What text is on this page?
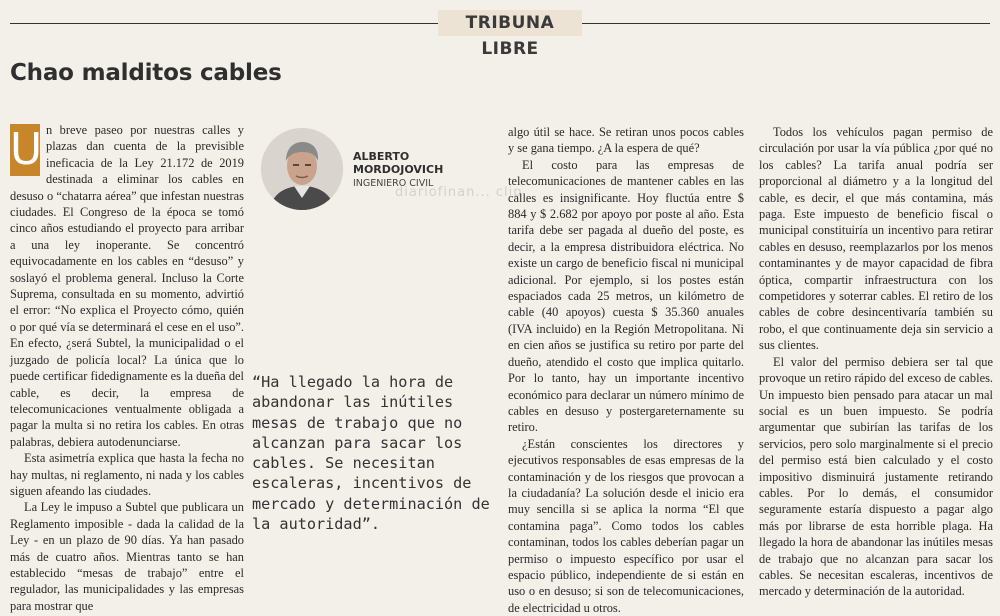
TRIBUNA LIBRE
Chao malditos cables
U n breve paseo por nuestras calles y plazas dan cuenta de la previsible ineficacia de la Ley 21.172 de 2019 destinada a eliminar los cables en desuso o “chatarra aérea” que infestan nuestras ciudades. El Congreso de la época se tomó cinco años estudiando el proyecto para arribar a una ley inoperante. Se concentró equivocadamente en los cables en “desuso” y soslayó el problema general. Incluso la Corte Suprema, consultada en su momento, advirtió el error: “No explica el Proyecto cómo, quién o por qué vía se determinará el cese en el uso”. En efecto, ¿será Subtel, la municipalidad o el juzgado de policía local? La única que lo puede certificar fidedignamente es la dueña del cable, es decir, la empresa de telecomunicaciones ventualmente obligada a pagar la multa si no retira los cables. En otras palabras, debiera autodenunciarse.

Esta asimetría explica que hasta la fecha no hay multas, ni reglamento, ni nada y los cables siguen afeando las ciudades.

La Ley le impuso a Subtel que publicara un Reglamento imposible - dada la calidad de la Ley - en un plazo de 90 días. Ya han pasado más de cuatro años. Mientras tanto se han establecido “mesas de trabajo” entre el regulador, las municipalidades y las empresas para mostrar que

ALBERTO MORDOJOVICH
INGENIERO CIVIL
diariofinan... clip
“Ha llegado la hora de abandonar las inútiles mesas de trabajo que no alcanzan para sacar los cables. Se necesitan escaleras, incentivos de mercado y determinación de la autoridad”.

algo útil se hace. Se retiran unos pocos cables y se gana tiempo. ¿A la espera de qué?

El costo para las empresas de telecomunicaciones de mantener cables en las calles es insignificante. Hoy fluctúa entre $ 884 y $ 2.682 por apoyo por poste al año. Esta tarifa debe ser pagada al dueño del poste, es decir, a la empresa distribuidora eléctrica. No existe un cargo de beneficio fiscal ni municipal adicional. Por ejemplo, si los postes están espaciados cada 25 metros, un kilómetro de cable (40 apoyos) cuesta $ 35.360 anuales (IVA incluido) en la Región Metropolitana. Ni en cien años se justifica su retiro por parte del dueño, atendido el costo que implica quitarlo. Por lo tanto, hay un importante incentivo económico para declarar un número mínimo de cables en desuso y postergareternamente su retiro.

¿Están conscientes los directores y ejecutivos responsables de esas empresas de la contaminación y de los riesgos que provocan a la ciudadanía? La solución desde el inicio era muy sencilla si se aplica la norma “El que contamina paga”. Como todos los cables contaminan, todos los cables deberían pagar un permiso o impuesto específico por usar el espacio público, independiente de si están en uso o en desuso; si son de telecomunicaciones, de electricidad u otros.

Todos los vehículos pagan permiso de circulación por usar la vía pública ¿por qué no los cables? La tarifa anual podría ser proporcional al diámetro y a la longitud del cable, es decir, el que más contamina, más paga. Este impuesto de beneficio fiscal o municipal constituiría un incentivo para retirar cables en desuso, reemplazarlos por los menos contaminantes y de mayor capacidad de fibra óptica, compartir infraestructura con los competidores y soterrar cables. El retiro de los cables de cobre desincentivaría también su robo, el que continuamente deja sin servicio a sus clientes.

El valor del permiso debiera ser tal que provoque un retiro rápido del exceso de cables. Un impuesto bien pensado para atacar un mal social es un buen impuesto. Se podría argumentar que subirían las tarifas de los servicios, pero solo marginalmente si el precio del permiso está bien calculado y el costo impositivo disminuirá justamente retirando cables. Por lo demás, el consumidor seguramente estaría dispuesto a pagar algo más por librarse de esta horrible plaga. Ha llegado la hora de abandonar las inútiles mesas de trabajo que no alcanzan para sacar los cables. Se necesitan escaleras, incentivos de mercado y determinación de la autoridad.
